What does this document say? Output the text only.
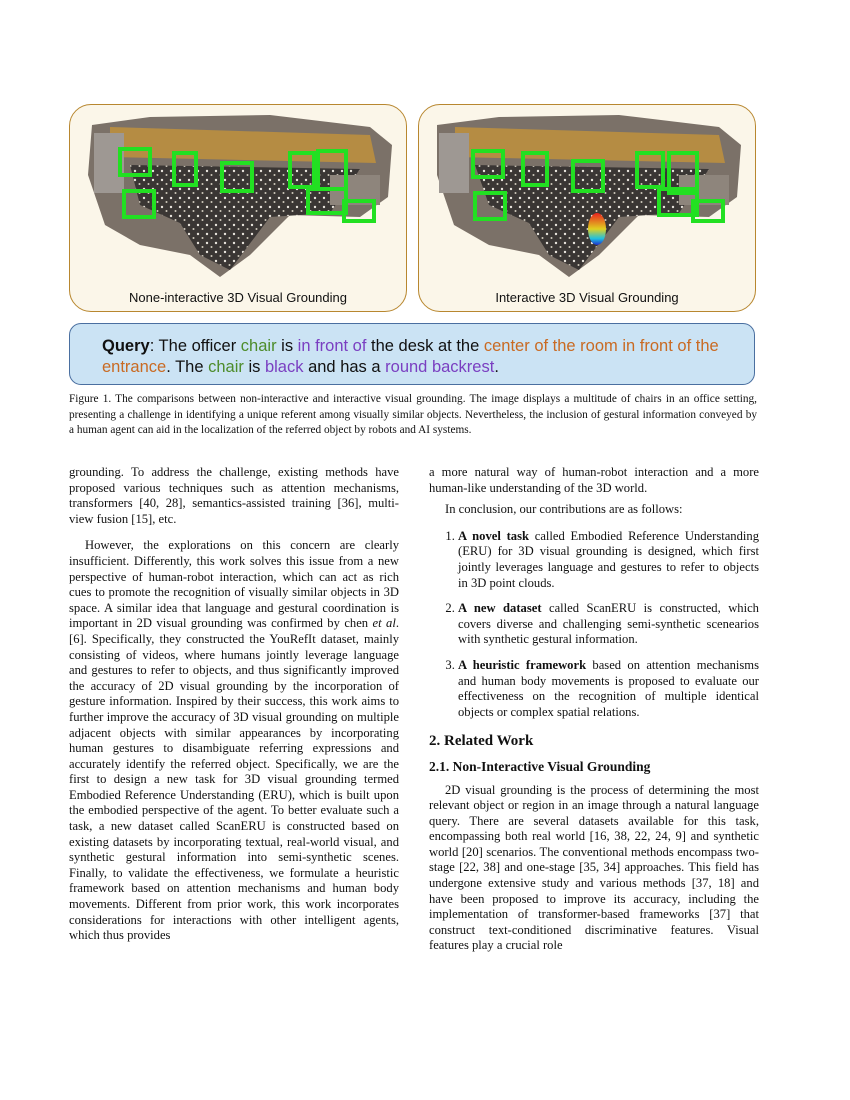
None-interactive 3D Visual Grounding	Interactive 3D Visual Grounding
Query: The officer chair is in front of the desk at the center of the room in front of the entrance. The chair is black and has a round backrest.
Figure 1. The comparisons between non-interactive and interactive visual grounding. The image displays a multitude of chairs in an office setting, presenting a challenge in identifying a unique referent among visually similar objects. Nevertheless, the inclusion of gestural information conveyed by a human agent can aid in the localization of the referred object by robots and AI systems.

grounding. To address the challenge, existing methods have proposed various techniques such as attention mechanisms, transformers [40, 28], semantics-assisted training [36], multi-view fusion [15], etc.

However, the explorations on this concern are clearly insufficient. Differently, this work solves this issue from a new perspective of human-robot interaction, which can act as rich cues to promote the recognition of visually similar objects in 3D space. A similar idea that language and gestural coordination is important in 2D visual grounding was confirmed by chen et al. [6]. Specifically, they constructed the YouRefIt dataset, mainly consisting of videos, where humans jointly leverage language and gestures to refer to objects, and thus significantly improved the accuracy of 2D visual grounding by the incorporation of gesture information. Inspired by their success, this work aims to further improve the accuracy of 3D visual grounding on multiple adjacent objects with similar appearances by incorporating human gestures to disambiguate referring expressions and accurately identify the referred object. Specifically, we are the first to design a new task for 3D visual grounding termed Embodied Reference Understanding (ERU), which is built upon the embodied perspective of the agent. To better evaluate such a task, a new dataset called ScanERU is constructed based on existing datasets by incorporating textual, real-world visual, and synthetic gestural information into semi-synthetic scenes. Finally, to validate the effectiveness, we formulate a heuristic framework based on attention mechanisms and human body movements. Different from prior work, this work incorporates considerations for interactions with other intelligent agents, which thus provides

a more natural way of human-robot interaction and a more human-like understanding of the 3D world.

In conclusion, our contributions are as follows:

1. A novel task called Embodied Reference Understanding (ERU) for 3D visual grounding is designed, which first jointly leverages language and gestures to refer to objects in 3D point clouds.
2. A new dataset called ScanERU is constructed, which covers diverse and challenging semi-synthetic scenearios with synthetic gestural information.
3. A heuristic framework based on attention mechanisms and human body movements is proposed to evaluate our effectiveness on the recognition of multiple identical objects or complex spatial relations.
2. Related Work
2.1. Non-Interactive Visual Grounding

2D visual grounding is the process of determining the most relevant object or region in an image through a natural language query. There are several datasets available for this task, encompassing both real world [16, 38, 22, 24, 9] and synthetic world [20] scenarios. The conventional methods encompass two-stage [22, 38] and one-stage [35, 34] approaches. This field has undergone extensive study and various methods [37, 18] and have been proposed to improve its accuracy, including the implementation of transformer-based frameworks [37] that construct text-conditioned discriminative features. Visual features play a crucial role
